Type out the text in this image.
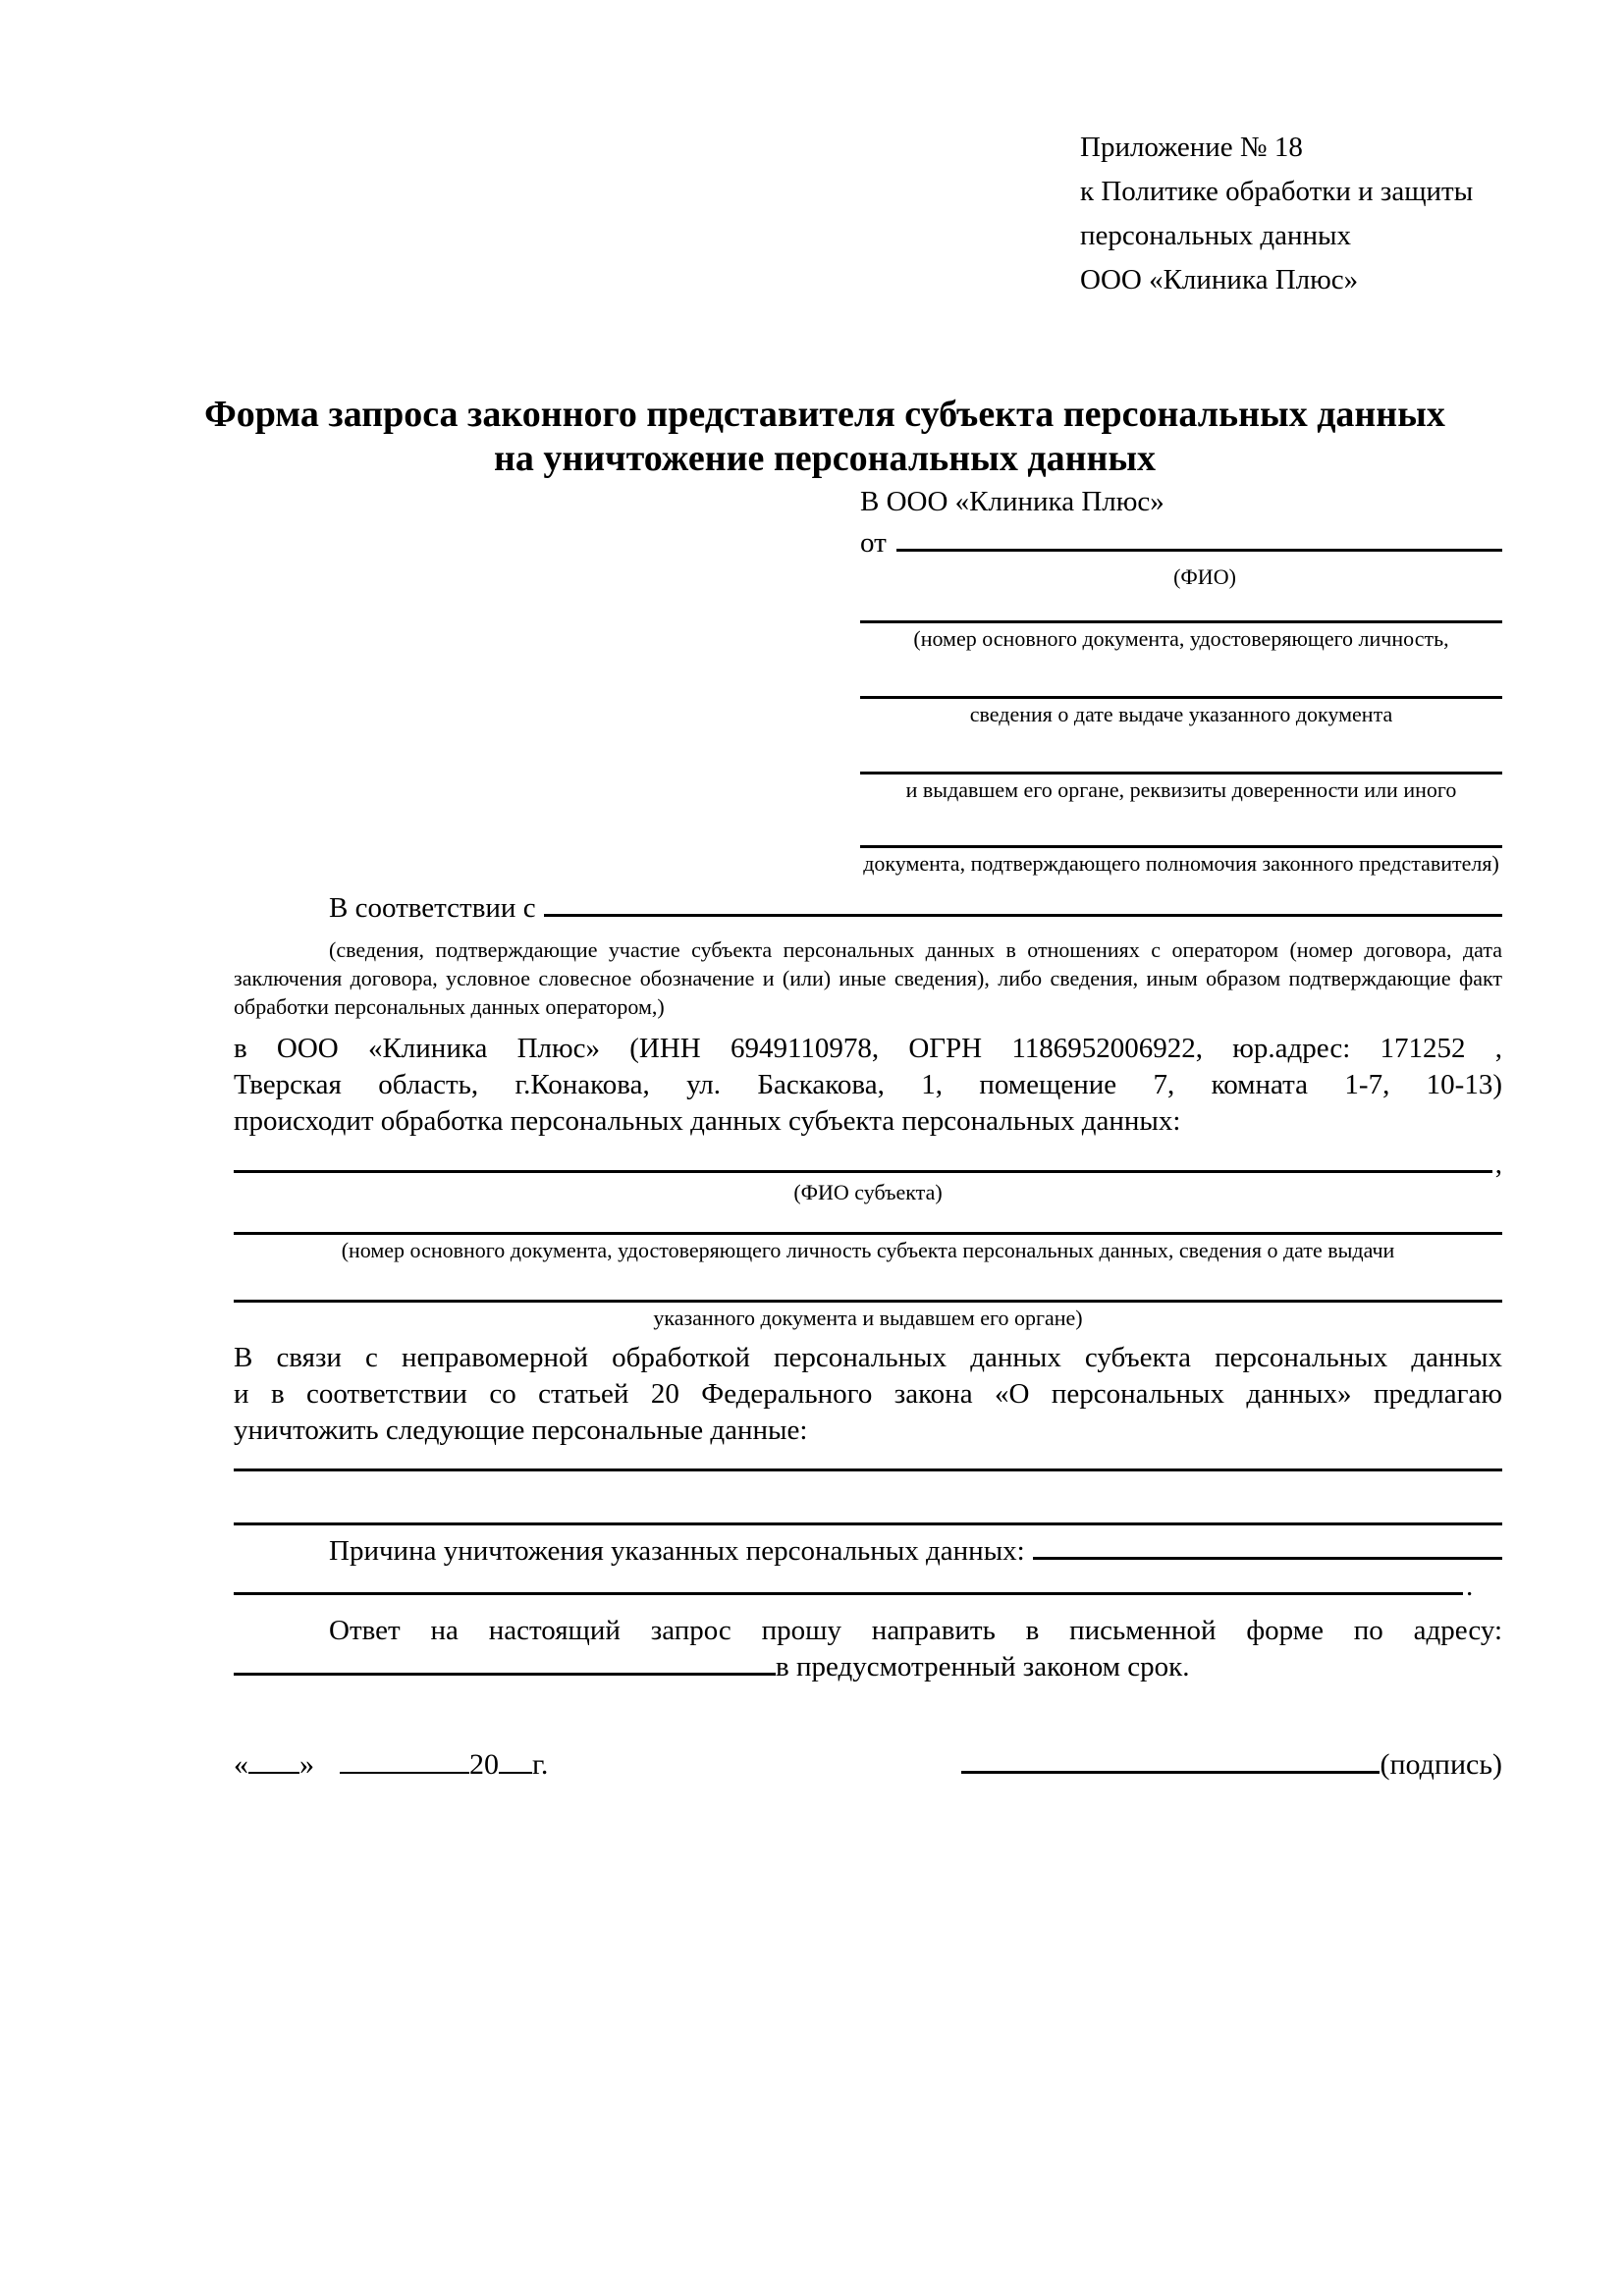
Приложение № 18
к Политике обработки и защиты
персональных данных
ООО «Клиника Плюс»
Форма запроса законного представителя субъекта персональных данных
на уничтожение персональных данных
В ООО «Клиника Плюс»
от
(ФИО)
(номер основного документа, удостоверяющего личность,
сведения о дате выдаче указанного документа
и выдавшем его органе, реквизиты доверенности или иного
документа, подтверждающего полномочия законного представителя)
В соответствии с
(сведения, подтверждающие участие субъекта персональных данных в отношениях с оператором (номер договора, дата
заключения договора, условное словесное обозначение и (или) иные сведения), либо сведения, иным образом подтверждающие факт
обработки персональных данных оператором,)
в ООО «Клиника Плюс» (ИНН 6949110978, ОГРН 1186952006922, юр.адрес: 171252 ,
Тверская область, г.Конакова, ул. Баскакова, 1, помещение 7, комната 1-7, 10-13)
происходит обработка персональных данных субъекта персональных данных:
,
(ФИО субъекта)
(номер основного документа, удостоверяющего личность субъекта персональных данных, сведения о дате выдачи
указанного документа и выдавшем его органе)
В связи с неправомерной обработкой персональных данных субъекта персональных данных
и в соответствии со статьей 20 Федерального закона «О персональных данных» предлагаю
уничтожить следующие персональные данные:
Причина уничтожения указанных персональных данных:
.
Ответ на настоящий запрос прошу направить в письменной форме по адресу:
в предусмотренный законом срок.
« »	20 г.	(подпись)
